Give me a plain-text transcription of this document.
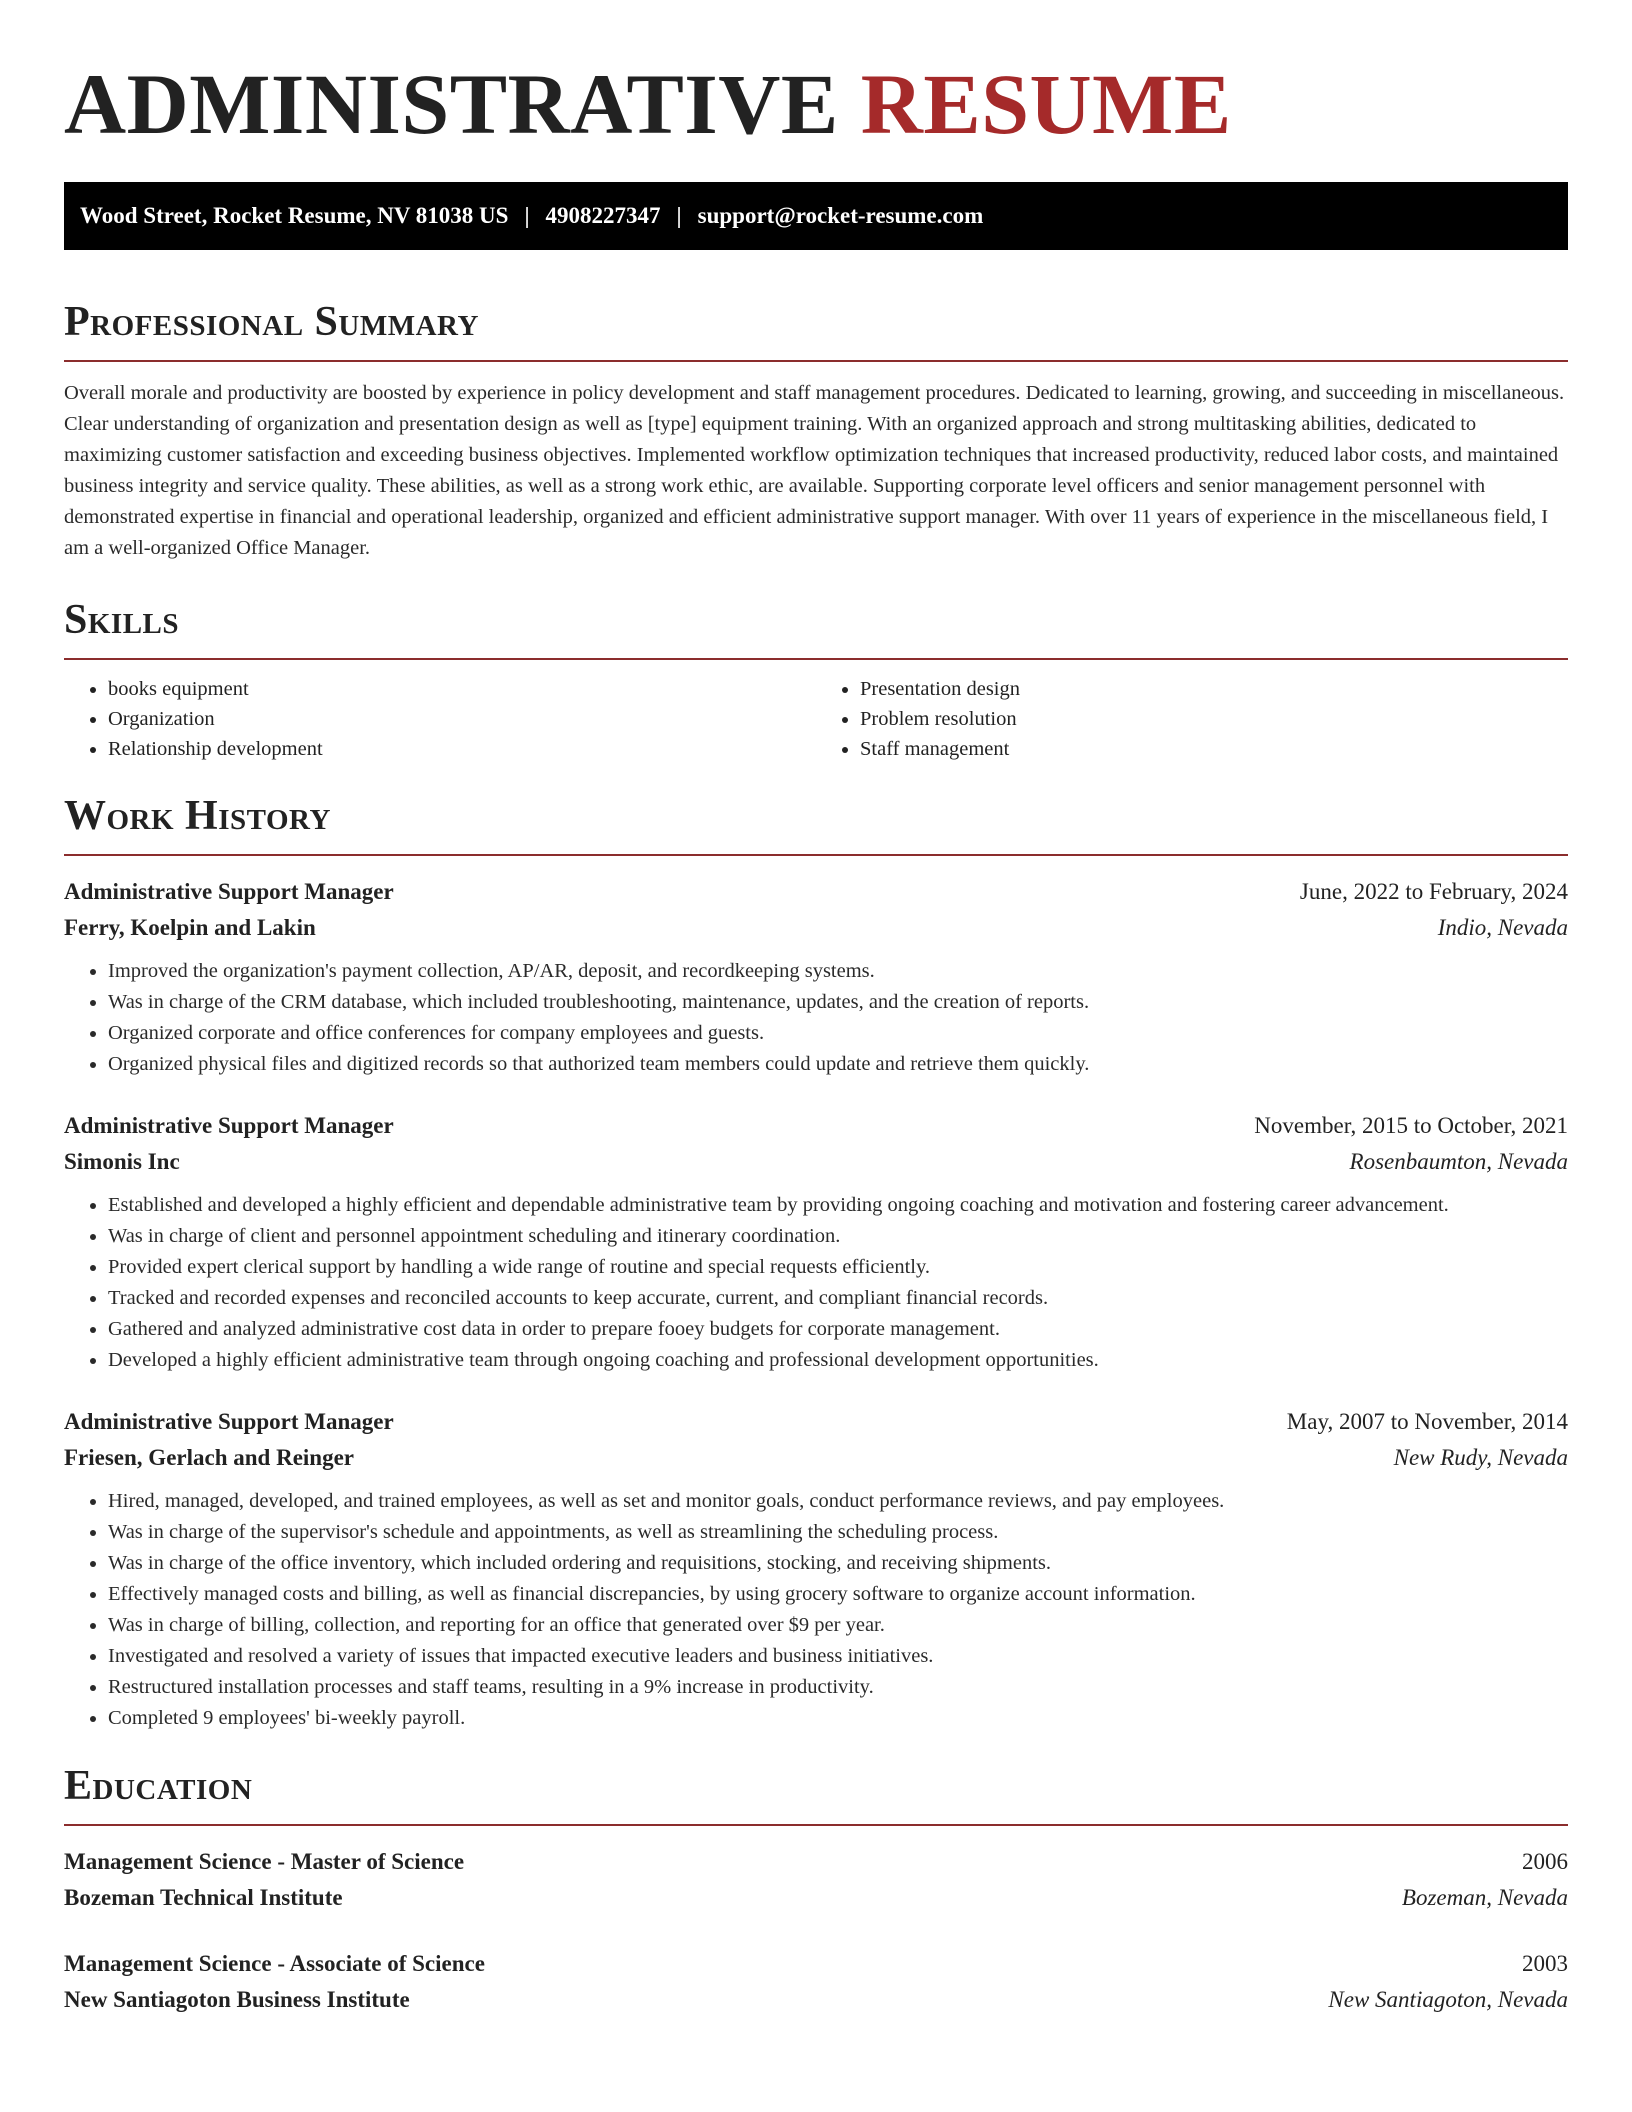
ADMINISTRATIVE RESUME
Wood Street, Rocket Resume, NV 81038 US | 4908227347 | support@rocket-resume.com
Professional Summary

Overall morale and productivity are boosted by experience in policy development and staff management procedures. Dedicated to learning, growing, and succeeding in miscellaneous. Clear understanding of organization and presentation design as well as [type] equipment training. With an organized approach and strong multitasking abilities, dedicated to maximizing customer satisfaction and exceeding business objectives. Implemented workflow optimization techniques that increased productivity, reduced labor costs, and maintained business integrity and service quality. These abilities, as well as a strong work ethic, are available. Supporting corporate level officers and senior management personnel with demonstrated expertise in financial and operational leadership, organized and efficient administrative support manager. With over 11 years of experience in the miscellaneous field, I am a well-organized Office Manager.

Skills
• books equipment
• Organization
• Relationship development
• Presentation design
• Problem resolution
• Staff management
Work History
Administrative Support Manager	June, 2022 to February, 2024
Ferry, Koelpin and Lakin	Indio, Nevada
• Improved the organization's payment collection, AP/AR, deposit, and recordkeeping systems.
• Was in charge of the CRM database, which included troubleshooting, maintenance, updates, and the creation of reports.
• Organized corporate and office conferences for company employees and guests.
• Organized physical files and digitized records so that authorized team members could update and retrieve them quickly.
Administrative Support Manager	November, 2015 to October, 2021
Simonis Inc	Rosenbaumton, Nevada
• Established and developed a highly efficient and dependable administrative team by providing ongoing coaching and motivation and fostering career advancement.
• Was in charge of client and personnel appointment scheduling and itinerary coordination.
• Provided expert clerical support by handling a wide range of routine and special requests efficiently.
• Tracked and recorded expenses and reconciled accounts to keep accurate, current, and compliant financial records.
• Gathered and analyzed administrative cost data in order to prepare fooey budgets for corporate management.
• Developed a highly efficient administrative team through ongoing coaching and professional development opportunities.
Administrative Support Manager	May, 2007 to November, 2014
Friesen, Gerlach and Reinger	New Rudy, Nevada
• Hired, managed, developed, and trained employees, as well as set and monitor goals, conduct performance reviews, and pay employees.
• Was in charge of the supervisor's schedule and appointments, as well as streamlining the scheduling process.
• Was in charge of the office inventory, which included ordering and requisitions, stocking, and receiving shipments.
• Effectively managed costs and billing, as well as financial discrepancies, by using grocery software to organize account information.
• Was in charge of billing, collection, and reporting for an office that generated over $9 per year.
• Investigated and resolved a variety of issues that impacted executive leaders and business initiatives.
• Restructured installation processes and staff teams, resulting in a 9% increase in productivity.
• Completed 9 employees' bi-weekly payroll.
Education
Management Science - Master of Science	2006
Bozeman Technical Institute	Bozeman, Nevada
Management Science - Associate of Science	2003
New Santiagoton Business Institute	New Santiagoton, Nevada
